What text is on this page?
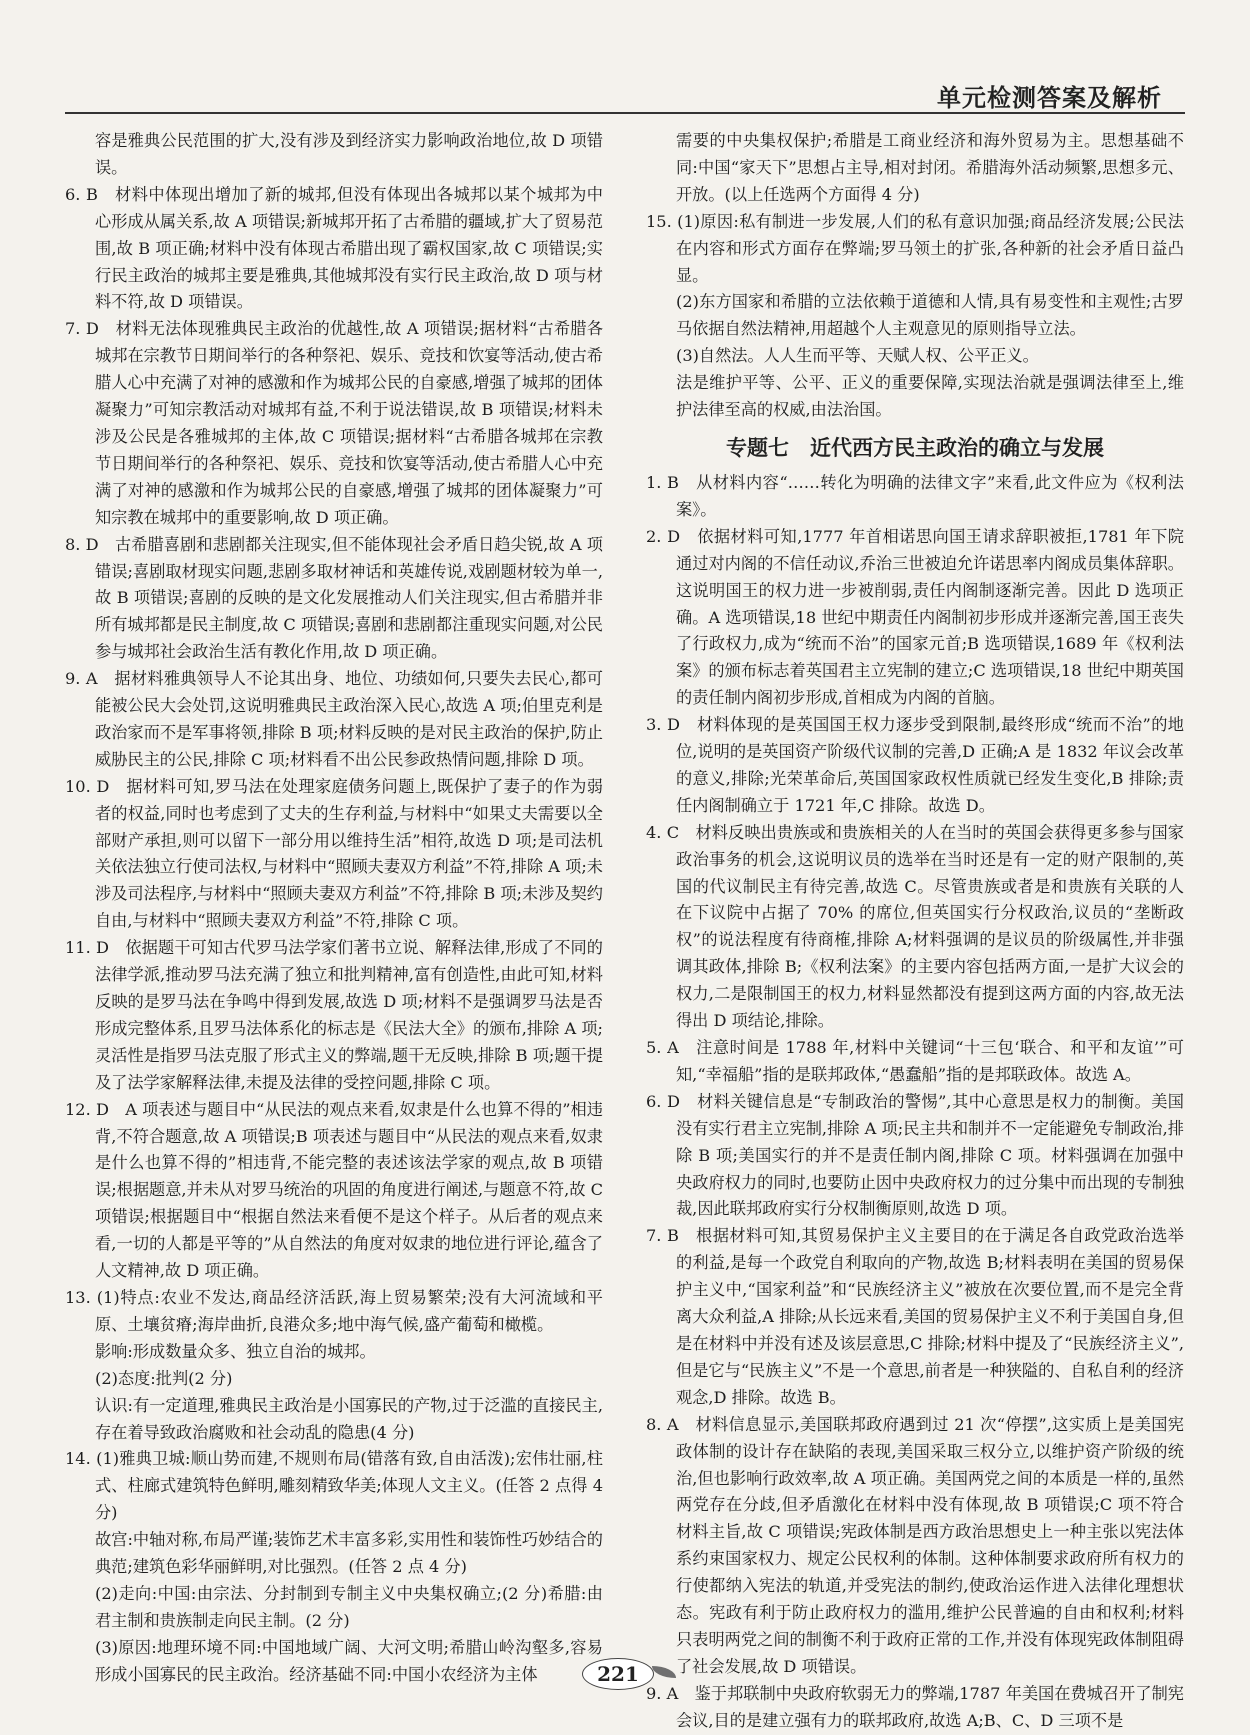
单元检测答案及解析

容是雅典公民范围的扩大,没有涉及到经济实力影响政治地位,故 D 项错误。

6. B　材料中体现出增加了新的城邦,但没有体现出各城邦以某个城邦为中心形成从属关系,故 A 项错误;新城邦开拓了古希腊的疆域,扩大了贸易范围,故 B 项正确;材料中没有体现古希腊出现了霸权国家,故 C 项错误;实行民主政治的城邦主要是雅典,其他城邦没有实行民主政治,故 D 项与材料不符,故 D 项错误。

7. D　材料无法体现雅典民主政治的优越性,故 A 项错误;据材料“古希腊各城邦在宗教节日期间举行的各种祭祀、娱乐、竞技和饮宴等活动,使古希腊人心中充满了对神的感激和作为城邦公民的自豪感,增强了城邦的团体凝聚力”可知宗教活动对城邦有益,不利于说法错误,故 B 项错误;材料未涉及公民是各雅城邦的主体,故 C 项错误;据材料“古希腊各城邦在宗教节日期间举行的各种祭祀、娱乐、竞技和饮宴等活动,使古希腊人心中充满了对神的感激和作为城邦公民的自豪感,增强了城邦的团体凝聚力”可知宗教在城邦中的重要影响,故 D 项正确。

8. D　古希腊喜剧和悲剧都关注现实,但不能体现社会矛盾日趋尖锐,故 A 项错误;喜剧取材现实问题,悲剧多取材神话和英雄传说,戏剧题材较为单一,故 B 项错误;喜剧的反映的是文化发展推动人们关注现实,但古希腊并非所有城邦都是民主制度,故 C 项错误;喜剧和悲剧都注重现实问题,对公民参与城邦社会政治生活有教化作用,故 D 项正确。

9. A　据材料雅典领导人不论其出身、地位、功绩如何,只要失去民心,都可能被公民大会处罚,这说明雅典民主政治深入民心,故选 A 项;伯里克利是政治家而不是军事将领,排除 B 项;材料反映的是对民主政治的保护,防止威胁民主的公民,排除 C 项;材料看不出公民参政热情问题,排除 D 项。

10. D　据材料可知,罗马法在处理家庭债务问题上,既保护了妻子的作为弱者的权益,同时也考虑到了丈夫的生存利益,与材料中“如果丈夫需要以全部财产承担,则可以留下一部分用以维持生活”相符,故选 D 项;是司法机关依法独立行使司法权,与材料中“照顾夫妻双方利益”不符,排除 A 项;未涉及司法程序,与材料中“照顾夫妻双方利益”不符,排除 B 项;未涉及契约自由,与材料中“照顾夫妻双方利益”不符,排除 C 项。

11. D　依据题干可知古代罗马法学家们著书立说、解释法律,形成了不同的法律学派,推动罗马法充满了独立和批判精神,富有创造性,由此可知,材料反映的是罗马法在争鸣中得到发展,故选 D 项;材料不是强调罗马法是否形成完整体系,且罗马法体系化的标志是《民法大全》的颁布,排除 A 项;灵活性是指罗马法克服了形式主义的弊端,题干无反映,排除 B 项;题干提及了法学家解释法律,未提及法律的受控问题,排除 C 项。

12. D　A 项表述与题目中“从民法的观点来看,奴隶是什么也算不得的”相违背,不符合题意,故 A 项错误;B 项表述与题目中“从民法的观点来看,奴隶是什么也算不得的”相违背,不能完整的表述该法学家的观点,故 B 项错误;根据题意,并未从对罗马统治的巩固的角度进行阐述,与题意不符,故 C 项错误;根据题目中“根据自然法来看便不是这个样子。从后者的观点来看,一切的人都是平等的”从自然法的角度对奴隶的地位进行评论,蕴含了人文精神,故 D 项正确。

13. (1)特点:农业不发达,商品经济活跃,海上贸易繁荣;没有大河流域和平原、土壤贫瘠;海岸曲折,良港众多;地中海气候,盛产葡萄和橄榄。

影响:形成数量众多、独立自治的城邦。

(2)态度:批判(2 分)

认识:有一定道理,雅典民主政治是小国寡民的产物,过于泛滥的直接民主,存在着导致政治腐败和社会动乱的隐患(4 分)

14. (1)雅典卫城:顺山势而建,不规则布局(错落有致,自由活泼);宏伟壮丽,柱式、柱廊式建筑特色鲜明,雕刻精致华美;体现人文主义。(任答 2 点得 4 分)

故宫:中轴对称,布局严谨;装饰艺术丰富多彩,实用性和装饰性巧妙结合的典范;建筑色彩华丽鲜明,对比强烈。(任答 2 点 4 分)

(2)走向:中国:由宗法、分封制到专制主义中央集权确立;(2 分)希腊:由君主制和贵族制走向民主制。(2 分)

(3)原因:地理环境不同:中国地域广阔、大河文明;希腊山岭沟壑多,容易形成小国寡民的民主政治。经济基础不同:中国小农经济为主体

需要的中央集权保护;希腊是工商业经济和海外贸易为主。思想基础不同:中国“家天下”思想占主导,相对封闭。希腊海外活动频繁,思想多元、开放。(以上任选两个方面得 4 分)

15. (1)原因:私有制进一步发展,人们的私有意识加强;商品经济发展;公民法在内容和形式方面存在弊端;罗马领土的扩张,各种新的社会矛盾日益凸显。

(2)东方国家和希腊的立法依赖于道德和人情,具有易变性和主观性;古罗马依据自然法精神,用超越个人主观意见的原则指导立法。

(3)自然法。人人生而平等、天赋人权、公平正义。

法是维护平等、公平、正义的重要保障,实现法治就是强调法律至上,维护法律至高的权威,由法治国。

专题七　近代西方民主政治的确立与发展

1. B　从材料内容“……转化为明确的法律文字”来看,此文件应为《权利法案》。

2. D　依据材料可知,1777 年首相诺思向国王请求辞职被拒,1781 年下院通过对内阁的不信任动议,乔治三世被迫允许诺思率内阁成员集体辞职。这说明国王的权力进一步被削弱,责任内阁制逐渐完善。因此 D 选项正确。A 选项错误,18 世纪中期责任内阁制初步形成并逐渐完善,国王丧失了行政权力,成为“统而不治”的国家元首;B 选项错误,1689 年《权利法案》的颁布标志着英国君主立宪制的建立;C 选项错误,18 世纪中期英国的责任制内阁初步形成,首相成为内阁的首脑。

3. D　材料体现的是英国国王权力逐步受到限制,最终形成“统而不治”的地位,说明的是英国资产阶级代议制的完善,D 正确;A 是 1832 年议会改革的意义,排除;光荣革命后,英国国家政权性质就已经发生变化,B 排除;责任内阁制确立于 1721 年,C 排除。故选 D。

4. C　材料反映出贵族或和贵族相关的人在当时的英国会获得更多参与国家政治事务的机会,这说明议员的选举在当时还是有一定的财产限制的,英国的代议制民主有待完善,故选 C。尽管贵族或者是和贵族有关联的人在下议院中占据了 70% 的席位,但英国实行分权政治,议员的“垄断政权”的说法程度有待商榷,排除 A;材料强调的是议员的阶级属性,并非强调其政体,排除 B;《权利法案》的主要内容包括两方面,一是扩大议会的权力,二是限制国王的权力,材料显然都没有提到这两方面的内容,故无法得出 D 项结论,排除。

5. A　注意时间是 1788 年,材料中关键词“十三包‘联合、和平和友谊’”可知,“幸福船”指的是联邦政体,“愚蠢船”指的是邦联政体。故选 A。

6. D　材料关键信息是“专制政治的警惕”,其中心意思是权力的制衡。美国没有实行君主立宪制,排除 A 项;民主共和制并不一定能避免专制政治,排除 B 项;美国实行的并不是责任制内阁,排除 C 项。材料强调在加强中央政府权力的同时,也要防止因中央政府权力的过分集中而出现的专制独裁,因此联邦政府实行分权制衡原则,故选 D 项。

7. B　根据材料可知,其贸易保护主义主要目的在于满足各自政党政治选举的利益,是每一个政党自利取向的产物,故选 B;材料表明在美国的贸易保护主义中,“国家利益”和“民族经济主义”被放在次要位置,而不是完全背离大众利益,A 排除;从长远来看,美国的贸易保护主义不利于美国自身,但是在材料中并没有述及该层意思,C 排除;材料中提及了“民族经济主义”,但是它与“民族主义”不是一个意思,前者是一种狭隘的、自私自利的经济观念,D 排除。故选 B。

8. A　材料信息显示,美国联邦政府遇到过 21 次“停摆”,这实质上是美国宪政体制的设计存在缺陷的表现,美国采取三权分立,以维护资产阶级的统治,但也影响行政效率,故 A 项正确。美国两党之间的本质是一样的,虽然两党存在分歧,但矛盾激化在材料中没有体现,故 B 项错误;C 项不符合材料主旨,故 C 项错误;宪政体制是西方政治思想史上一种主张以宪法体系约束国家权力、规定公民权利的体制。这种体制要求政府所有权力的行使都纳入宪法的轨道,并受宪法的制约,使政治运作进入法律化理想状态。宪政有利于防止政府权力的滥用,维护公民普遍的自由和权利;材料只表明两党之间的制衡不利于政府正常的工作,并没有体现宪政体制阻碍了社会发展,故 D 项错误。

9. A　鉴于邦联制中央政府软弱无力的弊端,1787 年美国在费城召开了制宪会议,目的是建立强有力的联邦政府,故选 A;B、C、D 三项不是

221
